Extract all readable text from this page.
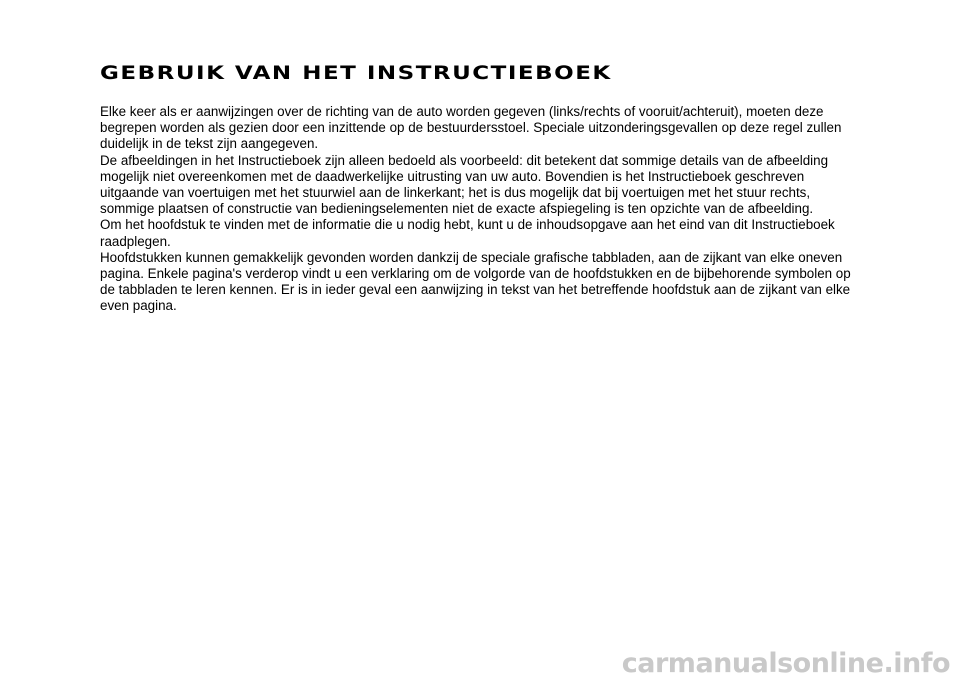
GEBRUIK VAN HET INSTRUCTIEBOEK

Elke keer als er aanwijzingen over de richting van de auto worden gegeven (links/rechts of vooruit/achteruit), moeten deze

begrepen worden als gezien door een inzittende op de bestuurdersstoel. Speciale uitzonderingsgevallen op deze regel zullen

duidelijk in de tekst zijn aangegeven.

De afbeeldingen in het Instructieboek zijn alleen bedoeld als voorbeeld: dit betekent dat sommige details van de afbeelding

mogelijk niet overeenkomen met de daadwerkelijke uitrusting van uw auto. Bovendien is het Instructieboek geschreven

uitgaande van voertuigen met het stuurwiel aan de linkerkant; het is dus mogelijk dat bij voertuigen met het stuur rechts,

sommige plaatsen of constructie van bedieningselementen niet de exacte afspiegeling is ten opzichte van de afbeelding.

Om het hoofdstuk te vinden met de informatie die u nodig hebt, kunt u de inhoudsopgave aan het eind van dit Instructieboek

raadplegen.

Hoofdstukken kunnen gemakkelijk gevonden worden dankzij de speciale grafische tabbladen, aan de zijkant van elke oneven

pagina. Enkele pagina's verderop vindt u een verklaring om de volgorde van de hoofdstukken en de bijbehorende symbolen op

de tabbladen te leren kennen. Er is in ieder geval een aanwijzing in tekst van het betreffende hoofdstuk aan de zijkant van elke

even pagina.

carmanualsonline.info
